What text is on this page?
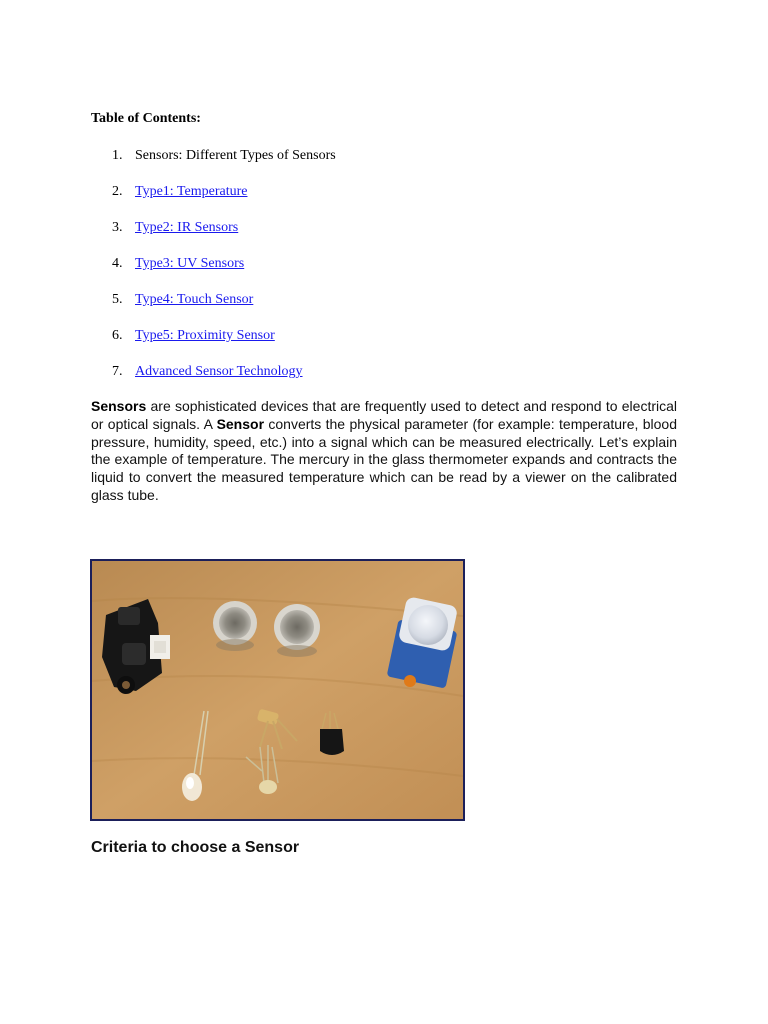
Table of Contents:

1. Sensors: Different Types of Sensors
2. Type1: Temperature
3. Type2: IR Sensors
4. Type3: UV Sensors
5. Type4: Touch Sensor
6. Type5: Proximity Sensor
7. Advanced Sensor Technology

Sensors are sophisticated devices that are frequently used to detect and respond to electrical or optical signals. A Sensor converts the physical parameter (for example: temperature, blood pressure, humidity, speed, etc.) into a signal which can be measured electrically. Let’s explain the example of temperature. The mercury in the glass thermometer expands and contracts the liquid to convert the measured temperature which can be read by a viewer on the calibrated glass tube.

Criteria to choose a Sensor
